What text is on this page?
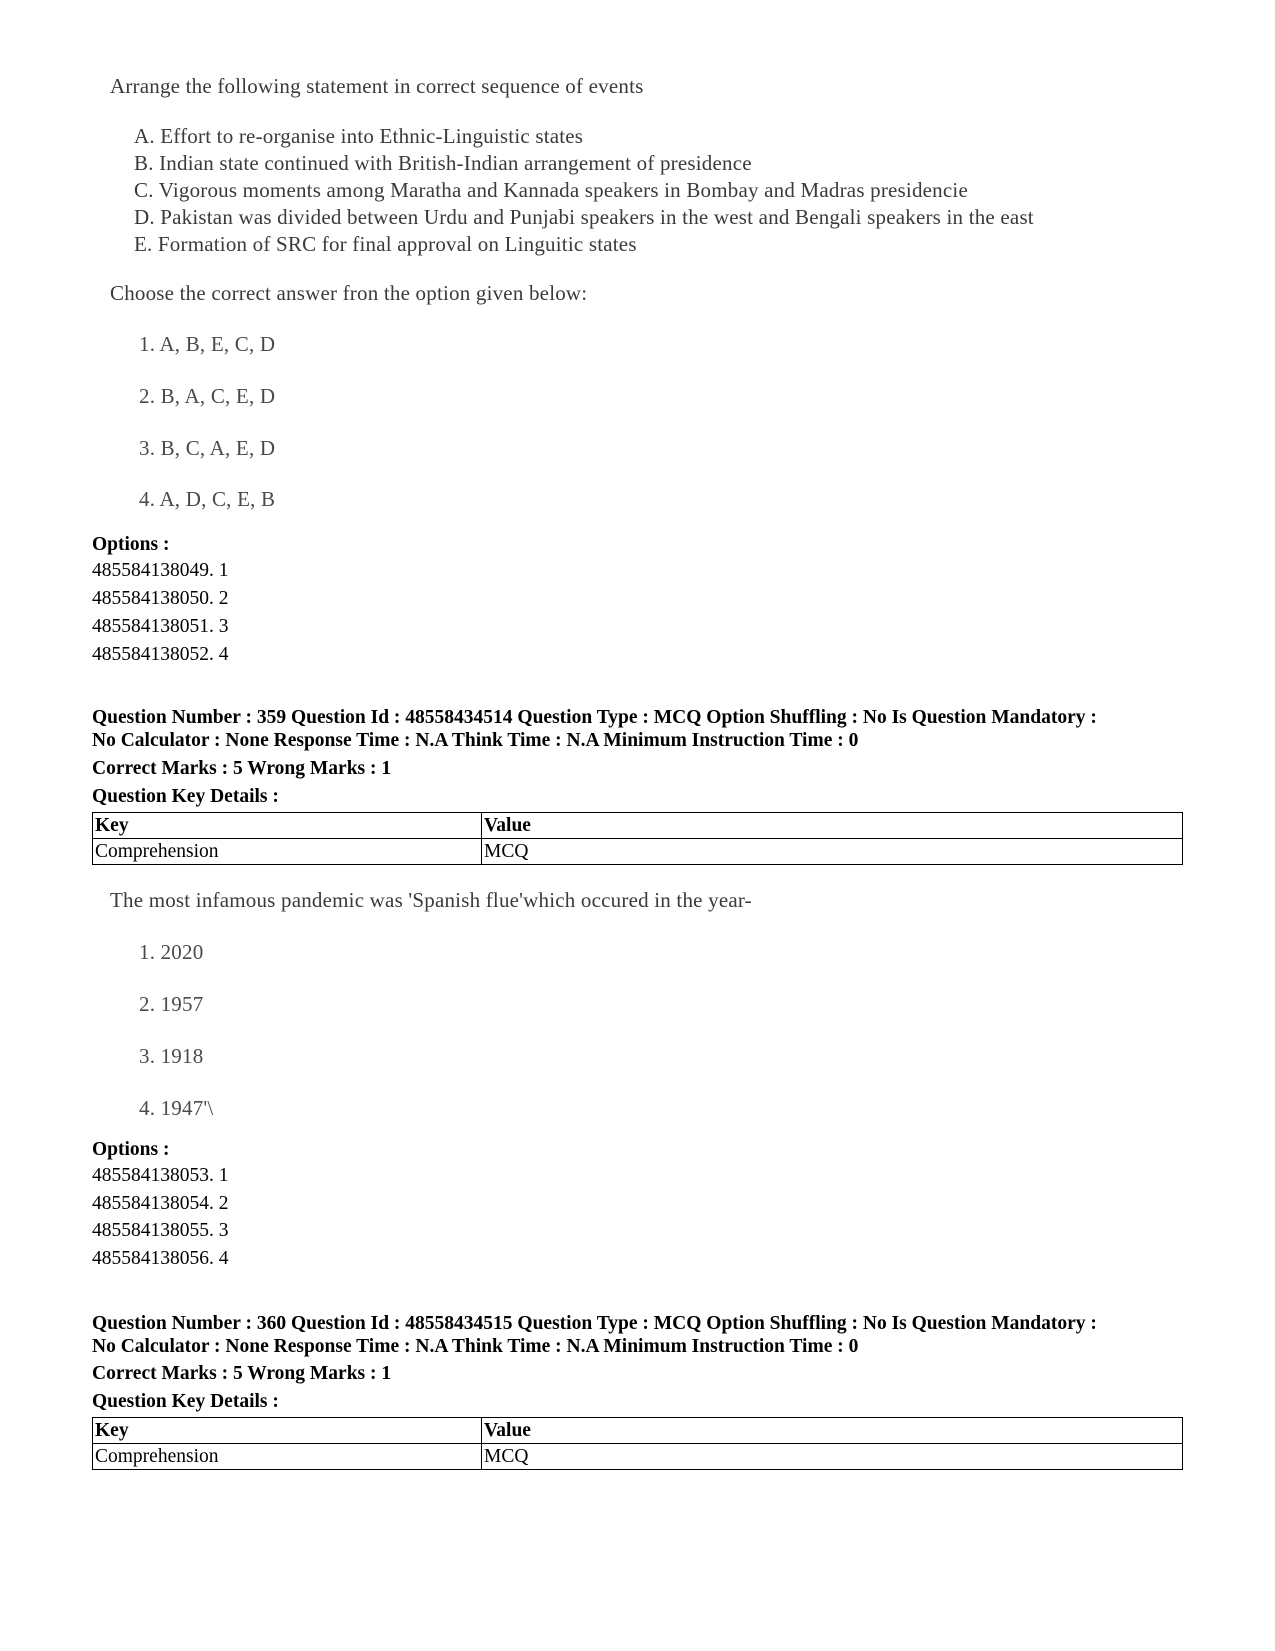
Arrange the following statement in correct sequence of events
A. Effort to re-organise into Ethnic-Linguistic states
B. Indian state continued with British-Indian arrangement of presidence
C. Vigorous moments among Maratha and Kannada speakers in Bombay and Madras presidencie
D. Pakistan was divided between Urdu and Punjabi speakers in the west and Bengali speakers in the east
E. Formation of SRC for final approval on Linguitic states
Choose the correct answer fron the option given below:
1. A, B, E, C, D
2. B, A, C, E, D
3. B, C, A, E, D
4. A, D, C, E, B
Options :
485584138049. 1
485584138050. 2
485584138051. 3
485584138052. 4
Question Number : 359 Question Id : 48558434514 Question Type : MCQ Option Shuffling : No Is Question Mandatory :
No Calculator : None Response Time : N.A Think Time : N.A Minimum Instruction Time : 0
Correct Marks : 5 Wrong Marks : 1
Question Key Details :
Key	Value
Comprehension	MCQ
The most infamous pandemic was 'Spanish flue'which occured in the year-
1. 2020
2. 1957
3. 1918
4. 1947'\
Options :
485584138053. 1
485584138054. 2
485584138055. 3
485584138056. 4
Question Number : 360 Question Id : 48558434515 Question Type : MCQ Option Shuffling : No Is Question Mandatory :
No Calculator : None Response Time : N.A Think Time : N.A Minimum Instruction Time : 0
Correct Marks : 5 Wrong Marks : 1
Question Key Details :
Key	Value
Comprehension	MCQ
